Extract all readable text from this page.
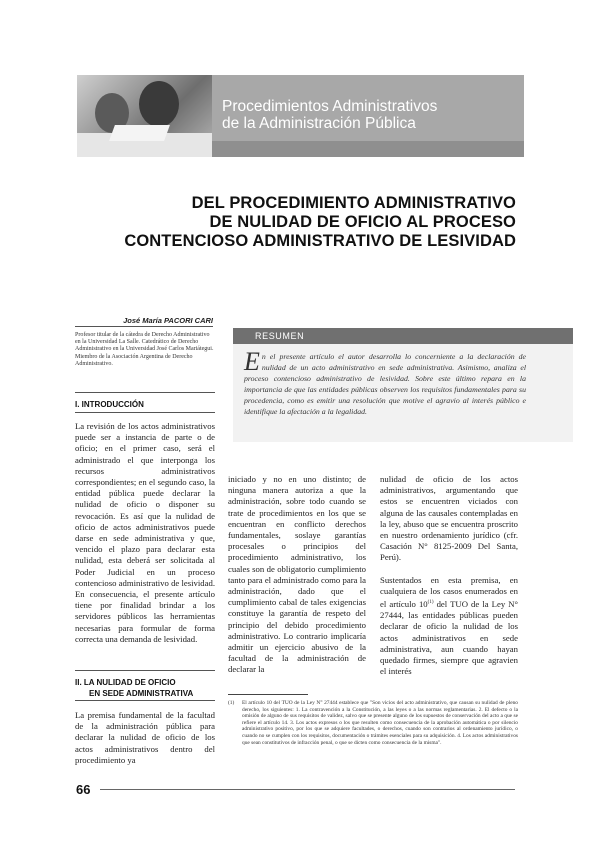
Procedimientos Administrativos
de la Administración Pública
DEL PROCEDIMIENTO ADMINISTRATIVO
DE NULIDAD DE OFICIO AL PROCESO
CONTENCIOSO ADMINISTRATIVO DE LESIVIDAD
José María PACORI CARI
Profesor titular de la cátedra de Derecho Administrativo en la Universidad La Salle. Catedrático de Derecho Administrativo en la Universidad José Carlos Mariátegui. Miembro de la Asociación Argentina de Derecho Administrativo.
RESUMEN
En el presente artículo el autor desarrolla lo concerniente a la declaración de nulidad de un acto administrativo en sede administrativa. Asimismo, analiza el proceso contencioso administrativo de lesividad. Sobre este último repara en la importancia de que las entidades públicas observen los requisitos fundamentales para su procedencia, como es emitir una resolución que motive el agravio al interés público e identifique la afectación a la legalidad.
I. INTRODUCCIÓN
La revisión de los actos administrativos puede ser a instancia de parte o de oficio; en el primer caso, será el administrado el que interponga los recursos administrativos correspondientes; en el segundo caso, la entidad pública puede declarar la nulidad de oficio o disponer su revocación. Es así que la nulidad de oficio de actos administrativos puede darse en sede administrativa y que, vencido el plazo para declarar esta nulidad, esta deberá ser solicitada al Poder Judicial en un proceso contencioso administrativo de lesividad. En consecuencia, el presente artículo tiene por finalidad brindar a los servidores públicos las herramientas necesarias para formular de forma correcta una demanda de lesividad.
II. LA NULIDAD DE OFICIO
EN SEDE ADMINISTRATIVA
La premisa fundamental de la facultad de la administración pública para declarar la nulidad de oficio de los actos administrativos dentro del procedimiento ya
iniciado y no en uno distinto; de ninguna manera autoriza a que la administración, sobre todo cuando se trate de procedimientos en los que se encuentran en conflicto derechos fundamentales, soslaye garantías procesales o principios del procedimiento administrativo, los cuales son de obligatorio cumplimiento tanto para el administrado como para la administración, dado que el cumplimiento cabal de tales exigencias constituye la garantía de respeto del principio del debido procedimiento administrativo. Lo contrario implicaría admitir un ejercicio abusivo de la facultad de la administración de declarar la
nulidad de oficio de los actos administrativos, argumentando que estos se encuentren viciados con alguna de las causales contempladas en la ley, abuso que se encuentra proscrito en nuestro ordenamiento jurídico (cfr. Casación N° 8125-2009 Del Santa, Perú).
Sustentados en esta premisa, en cualquiera de los casos enumerados en el artículo 10$^{(1)}$ del TUO de la Ley N° 27444, las entidades públicas pueden declarar de oficio la nulidad de los actos administrativos en sede administrativa, aun cuando hayan quedado firmes, siempre que agravien el interés
(1) El artículo 10 del TUO de la Ley N° 27444 establece que "Son vicios del acto administrativo, que causan su nulidad de pleno derecho, los siguientes: 1. La contravención a la Constitución, a las leyes o a las normas reglamentarias. 2. El defecto o la omisión de alguno de sus requisitos de validez, salvo que se presente alguno de los supuestos de conservación del acto a que se refiere el artículo 14. 3. Los actos expresos o los que resulten como consecuencia de la aprobación automática o por silencio administrativo positivo, por los que se adquiere facultades, o derechos, cuando son contrarios al ordenamiento jurídico, o cuando no se cumplen con los requisitos, documentación o trámites esenciales para su adquisición. 4. Los actos administrativos que sean constitutivos de infracción penal, o que se dicten como consecuencia de la misma".
66
